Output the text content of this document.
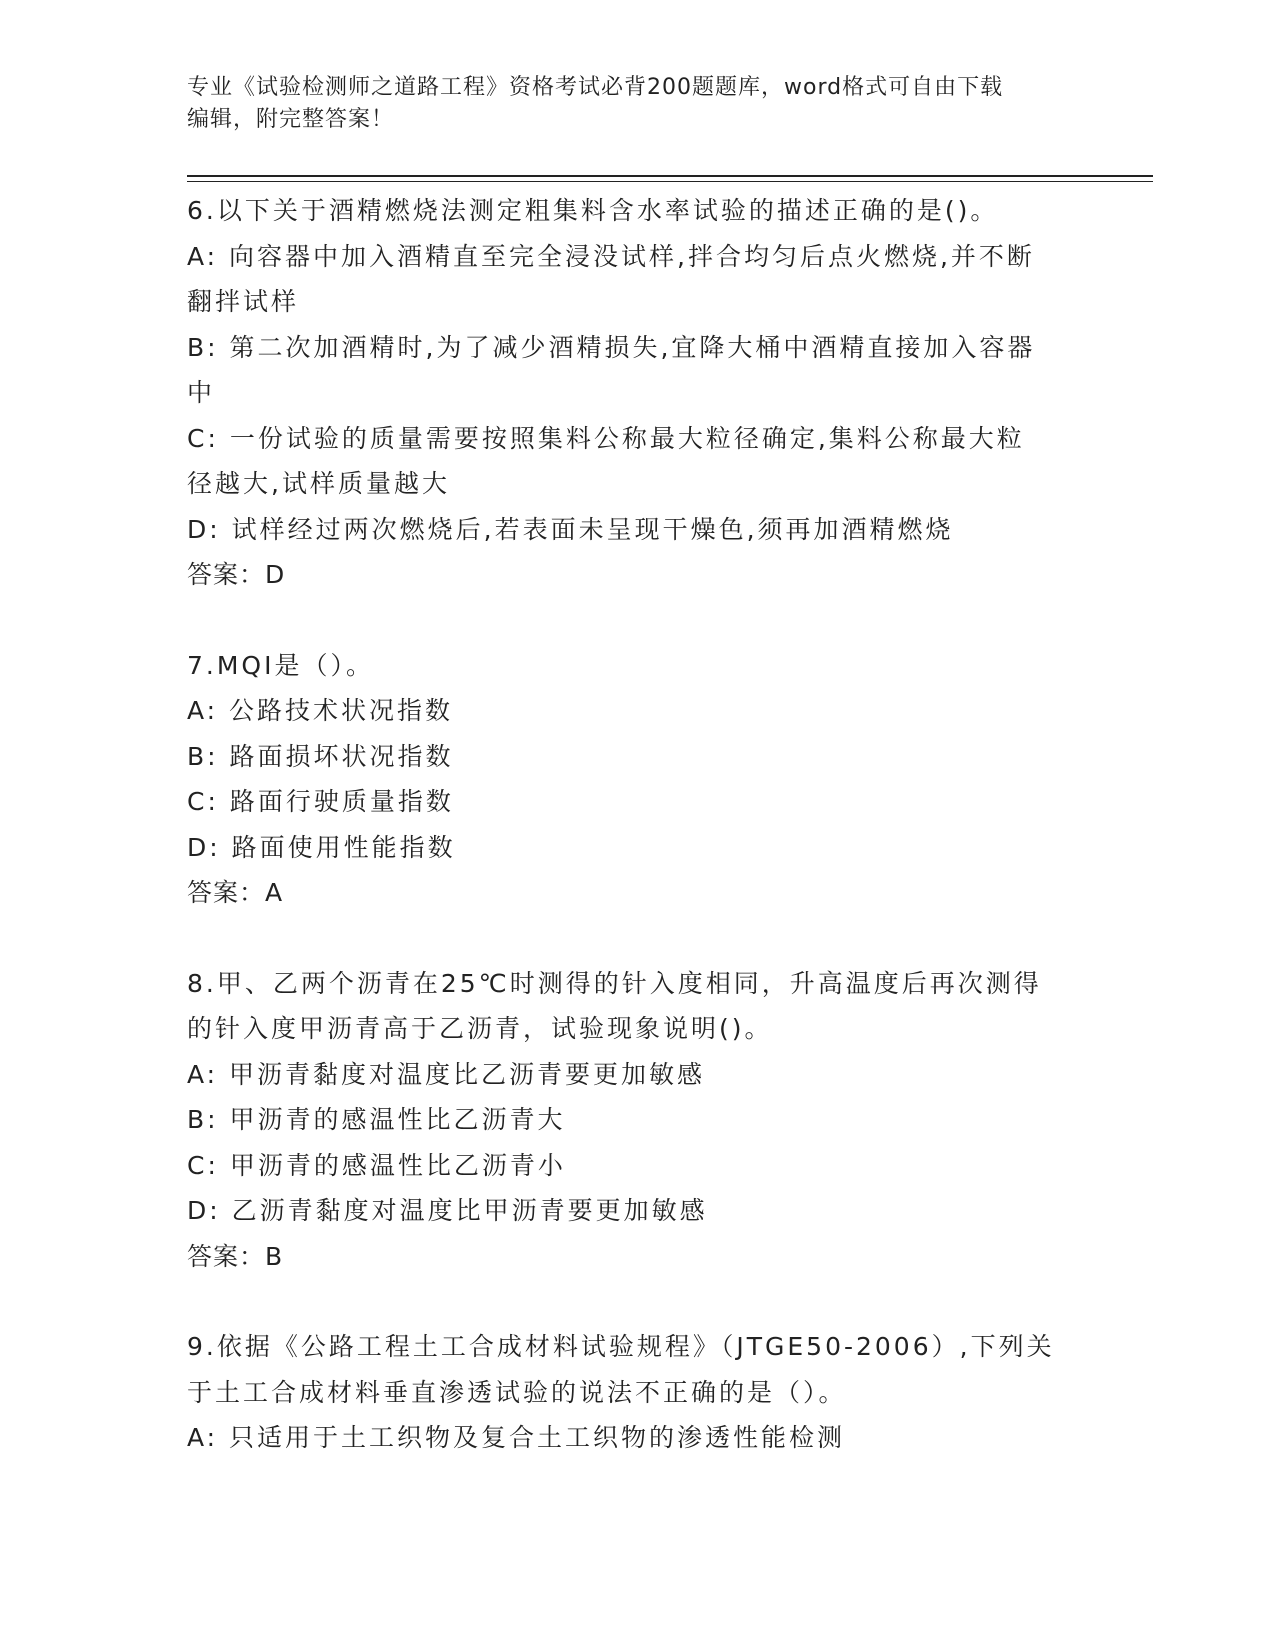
专业《试验检测师之道路工程》资格考试必背200题题库，word格式可自由下载
编辑，附完整答案！

6.以下关于酒精燃烧法测定粗集料含水率试验的描述正确的是()。

A: 向容器中加入酒精直至完全浸没试样,拌合均匀后点火燃烧,并不断

翻拌试样

B: 第二次加酒精时,为了减少酒精损失,宜降大桶中酒精直接加入容器

中

C: 一份试验的质量需要按照集料公称最大粒径确定,集料公称最大粒

径越大,试样质量越大

D: 试样经过两次燃烧后,若表面未呈现干燥色,须再加酒精燃烧

答案：D

7.MQI是（）。

A: 公路技术状况指数

B: 路面损坏状况指数

C: 路面行驶质量指数

D: 路面使用性能指数

答案：A

8.甲、乙两个沥青在25℃时测得的针入度相同，升高温度后再次测得

的针入度甲沥青高于乙沥青，试验现象说明()。

A: 甲沥青黏度对温度比乙沥青要更加敏感

B: 甲沥青的感温性比乙沥青大

C: 甲沥青的感温性比乙沥青小

D: 乙沥青黏度对温度比甲沥青要更加敏感

答案：B

9.依据《公路工程土工合成材料试验规程》（JTGE50-2006）,下列关

于土工合成材料垂直渗透试验的说法不正确的是（）。

A: 只适用于土工织物及复合土工织物的渗透性能检测
